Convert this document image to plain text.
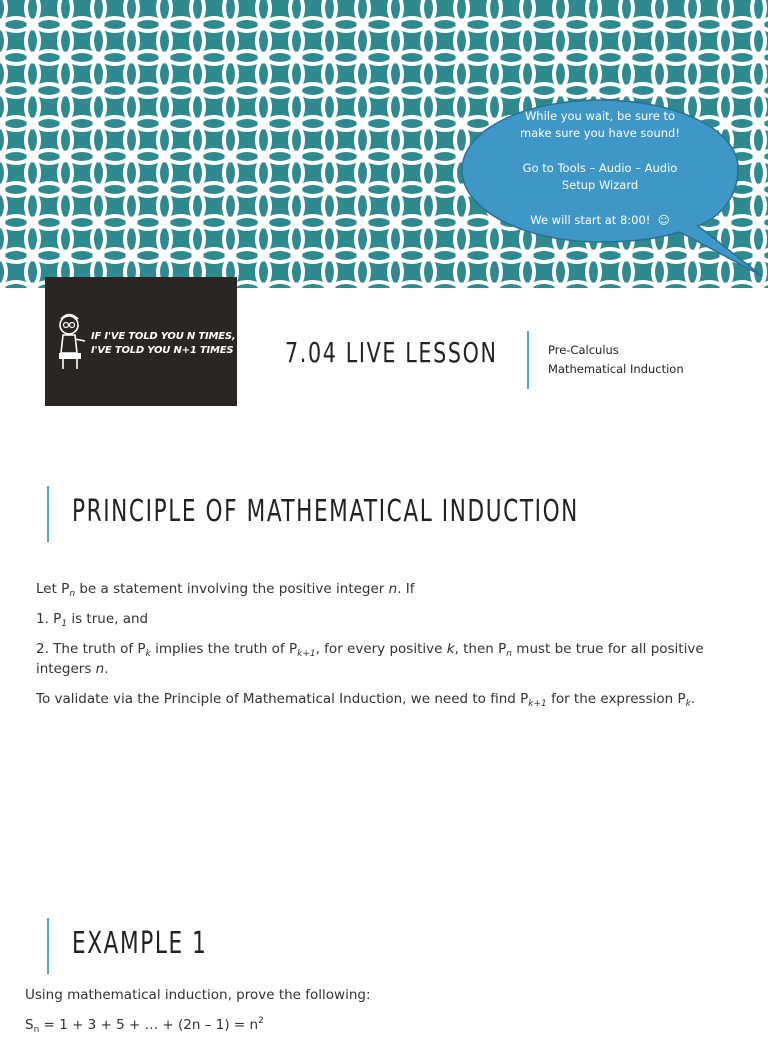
While you wait, be sure to

make sure you have sound!

Go to Tools – Audio – Audio

Setup Wizard

We will start at 8:00! ☺

IF I'VE TOLD YOU N TIMES,
I'VE TOLD YOU N+1 TIMES ... 7.04 LIVE LESSON	Pre-Calculus
Mathematical Induction
PRINCIPLE OF MATHEMATICAL INDUCTION

Let $P_n$ be a statement involving the positive integer n. If

1. $P_1$ is true, and

2. The truth of $P_k$ implies the truth of $P_{k+1}$, for every positive k, then $P_n$ must be true for all positive integers n.

To validate via the Principle of Mathematical Induction, we need to find $P_{k+1}$ for the expression $P_k$.

EXAMPLE 1

Using mathematical induction, prove the following:

$S_n = 1 + 3 + 5$ + … + $(2n - 1) = n^2$
